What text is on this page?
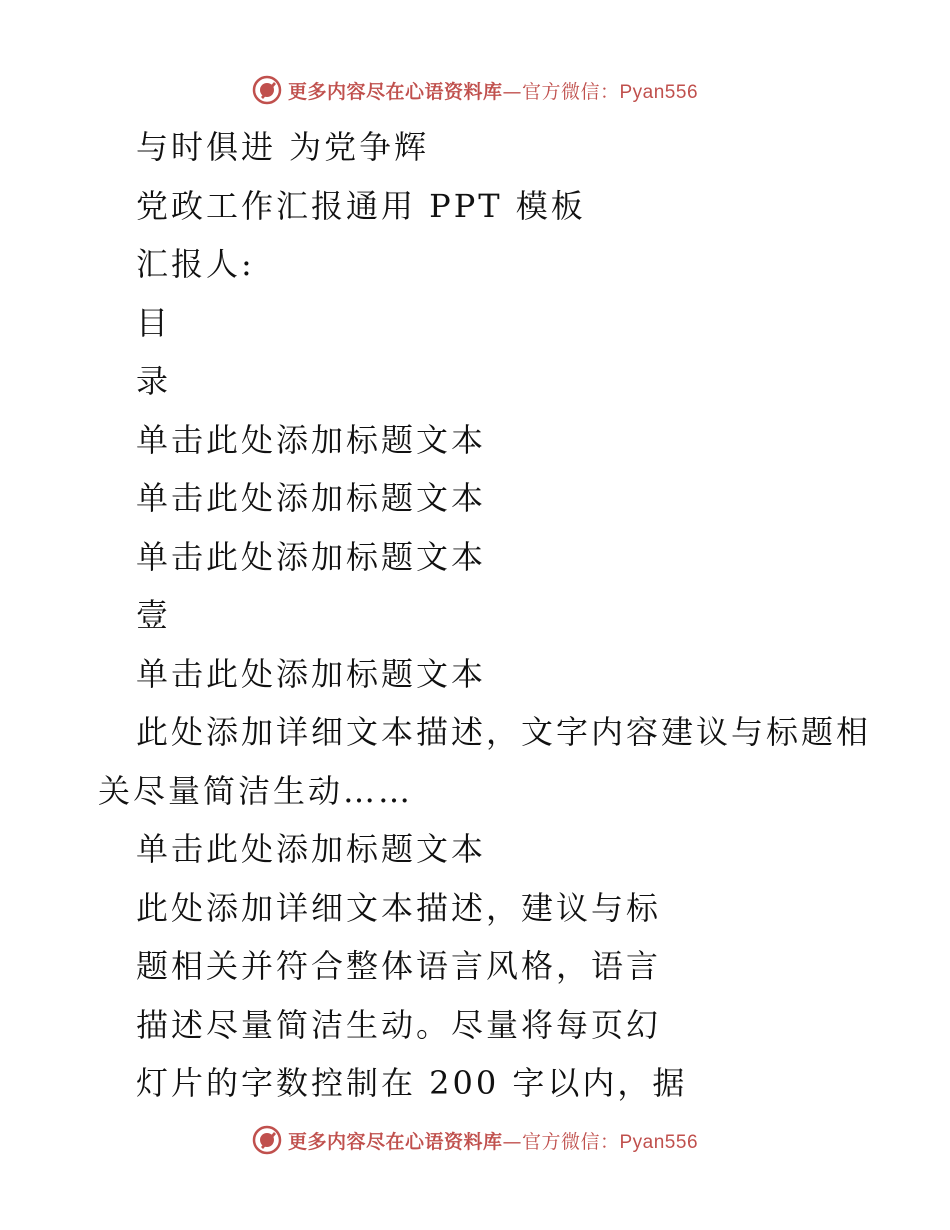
更多内容尽在心语资料库—官方微信：Pyan556
与时俱进 为党争辉
党政工作汇报通用 PPT 模板
汇报人:
目
录
单击此处添加标题文本
单击此处添加标题文本
单击此处添加标题文本
壹
单击此处添加标题文本
此处添加详细文本描述，文字内容建议与标题相
关尽量简洁生动……
单击此处添加标题文本
此处添加详细文本描述，建议与标
题相关并符合整体语言风格，语言
描述尽量简洁生动。尽量将每页幻
灯片的字数控制在 200 字以内，据
更多内容尽在心语资料库—官方微信：Pyan556
